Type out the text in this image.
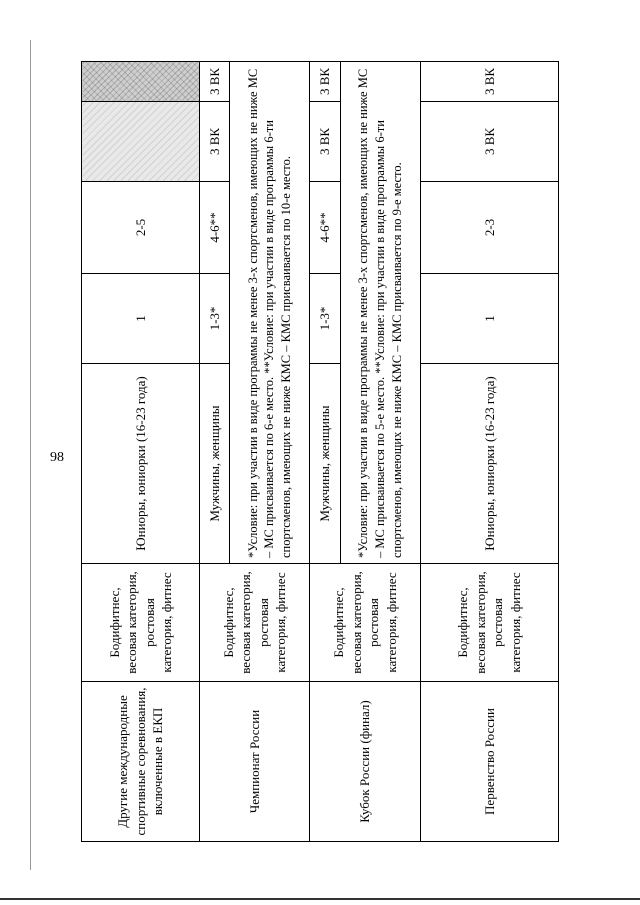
98
Другие международные спортивные соревнования, включенные в ЕКП	Бодифитнес, весовая категория, ростовая категория, фитнес	Юниоры, юниорки (16-23 года)	1	2-5		
Чемпионат России	Бодифитнес, весовая категория, ростовая категория, фитнес	Мужчины, женщины	1-3*	4-6**	3 ВК	3 ВК
		*Условие: при участии в виде программы не менее 3-х спортсменов, имеющих не ниже МС – МС присваивается по 6-е место. **Условие: при участии в виде программы 6-ти спортсменов, имеющих не ниже КМС – КМС присваивается по 10-е место.				
Кубок России (финал)	Бодифитнес, весовая категория, ростовая категория, фитнес	Мужчины, женщины	1-3*	4-6**	3 ВК	3 ВК
		*Условие: при участии в виде программы не менее 3-х спортсменов, имеющих не ниже МС – МС присваивается по 5-е место. **Условие: при участии в виде программы 6-ти спортсменов, имеющих не ниже КМС – КМС присваивается по 9-е место.				
Первенство России	Бодифитнес, весовая категория, ростовая категория, фитнес	Юниоры, юниорки (16-23 года)	1	2-3	3 ВК	3 ВК
